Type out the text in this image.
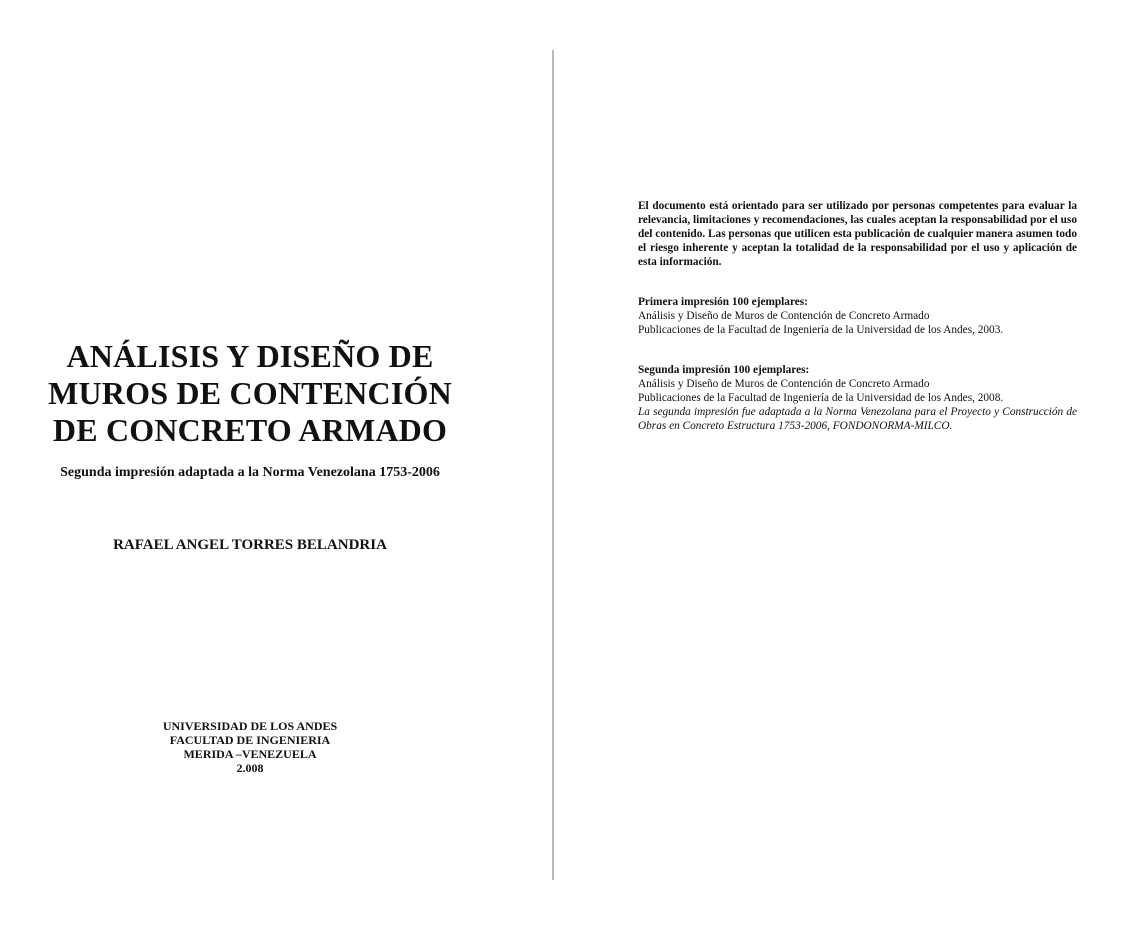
ANÁLISIS Y DISEÑO DE
MUROS DE CONTENCIÓN
DE CONCRETO ARMADO
Segunda impresión adaptada a la Norma Venezolana 1753-2006
RAFAEL ANGEL TORRES BELANDRIA
UNIVERSIDAD DE LOS ANDES
FACULTAD DE INGENIERIA
MERIDA –VENEZUELA
2.008

El documento está orientado para ser utilizado por personas competentes para evaluar la relevancia, limitaciones y recomendaciones, las cuales aceptan la responsabilidad por el uso del contenido. Las personas que utilicen esta publicación de cualquier manera asumen todo el riesgo inherente y aceptan la totalidad de la responsabilidad por el uso y aplicación de esta información.

Primera impresión 100 ejemplares:
Análisis y Diseño de Muros de Contención de Concreto Armado
Publicaciones de la Facultad de Ingeniería de la Universidad de los Andes, 2003.
Segunda impresión 100 ejemplares:
Análisis y Diseño de Muros de Contención de Concreto Armado
Publicaciones de la Facultad de Ingeniería de la Universidad de los Andes, 2008.
La segunda impresión fue adaptada a la Norma Venezolana para el Proyecto y Construcción de Obras en Concreto Estructura 1753-2006, FONDONORMA-MILCO.
